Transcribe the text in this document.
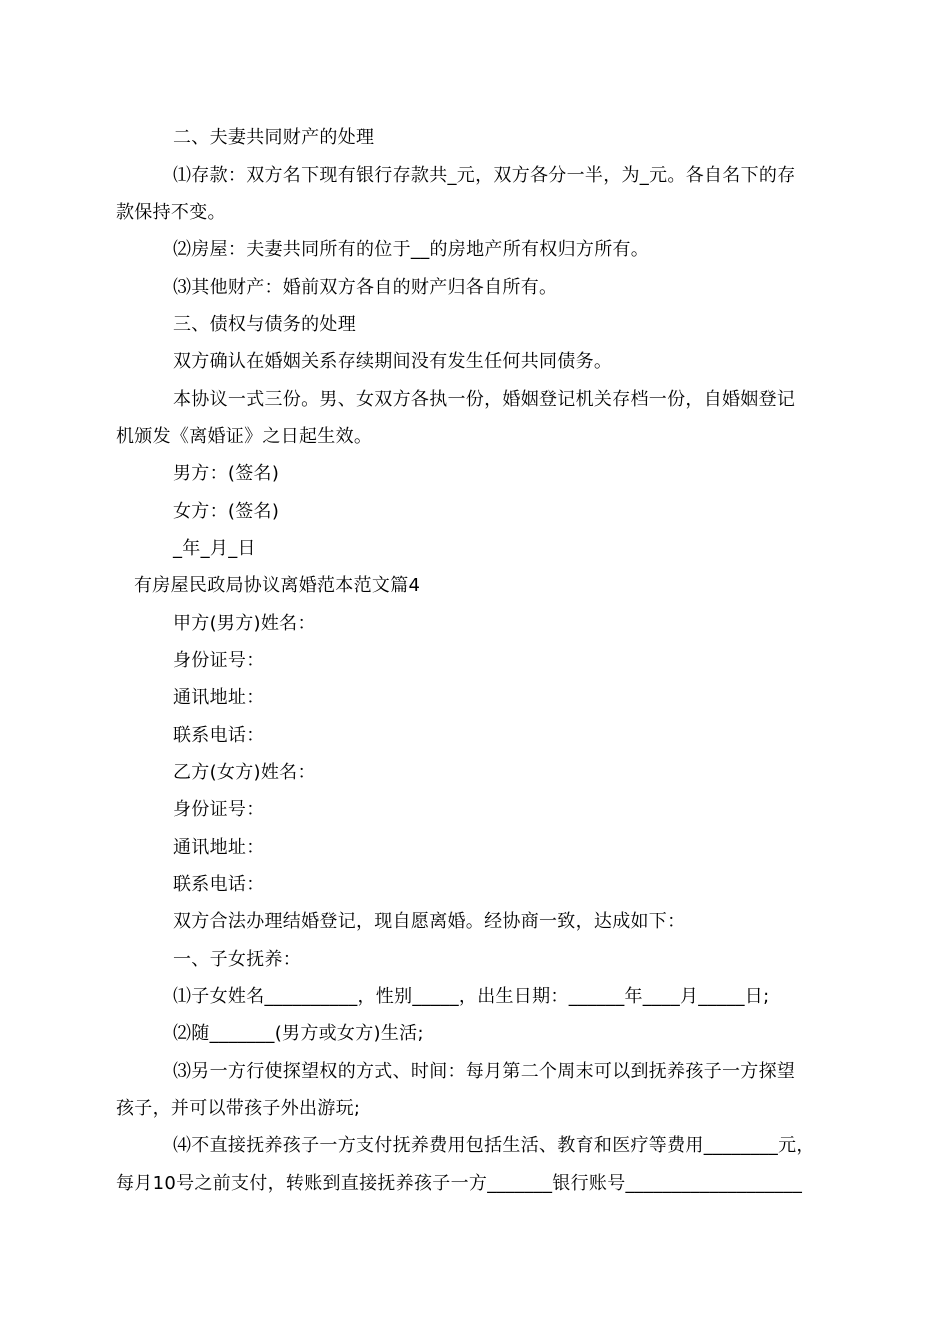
二、夫妻共同财产的处理
⑴存款：双方名下现有银行存款共_元，双方各分一半，为_元。各自名下的存
款保持不变。
⑵房屋：夫妻共同所有的位于__的房地产所有权归方所有。
⑶其他财产：婚前双方各自的财产归各自所有。
三、债权与债务的处理
双方确认在婚姻关系存续期间没有发生任何共同债务。
本协议一式三份。男、女双方各执一份，婚姻登记机关存档一份，自婚姻登记
机颁发《离婚证》之日起生效。
男方：(签名)
女方：(签名)
_年_月_日
有房屋民政局协议离婚范本范文篇4
甲方(男方)姓名：
身份证号：
通讯地址：
联系电话：
乙方(女方)姓名：
身份证号：
通讯地址：
联系电话：
双方合法办理结婚登记，现自愿离婚。经协商一致，达成如下：
一、子女抚养：
⑴子女姓名__________，性别_____，出生日期：______年____月_____日;
⑵随_______(男方或女方)生活;
⑶另一方行使探望权的方式、时间：每月第二个周末可以到抚养孩子一方探望
孩子，并可以带孩子外出游玩;
⑷不直接抚养孩子一方支付抚养费用包括生活、教育和医疗等费用________元，
每月10号之前支付，转账到直接抚养孩子一方_______银行账号___________________
